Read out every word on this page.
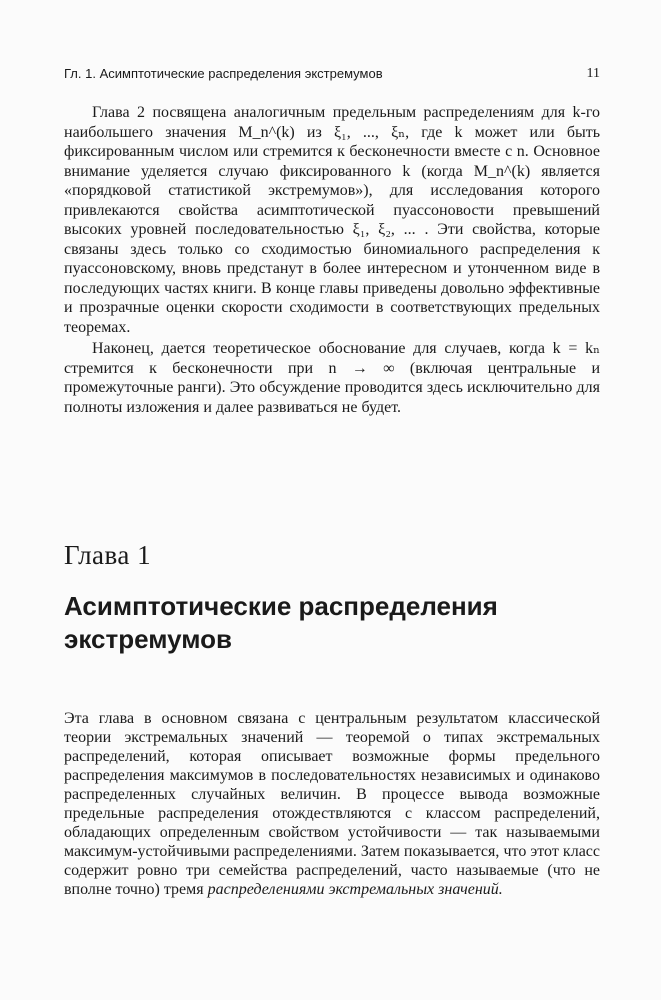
Гл. 1. Асимптотические распределения экстремумов	11

Глава 2 посвящена аналогичным предельным распределениям для k-го наибольшего значения M_n^(k) из ξ₁, ..., ξₙ, где k может или быть фиксированным числом или стремится к бесконечности вместе с n. Основное внимание уделяется случаю фиксированного k (когда M_n^(k) является «порядковой статистикой экстремумов»), для исследования которого привлекаются свойства асимптотической пуассоновости превышений высоких уровней последовательностью ξ₁, ξ₂, ... . Эти свойства, которые связаны здесь только со сходимостью биномиального распределения к пуассоновскому, вновь предстанут в более интересном и утонченном виде в последующих частях книги. В конце главы приведены довольно эффективные и прозрачные оценки скорости сходимости в соответствующих предельных теоремах.

Наконец, дается теоретическое обоснование для случаев, когда k = kₙ стремится к бесконечности при n → ∞ (включая центральные и промежуточные ранги). Это обсуждение проводится здесь исключительно для полноты изложения и далее развиваться не будет.

Глава 1
Асимптотические распределения экстремумов

Эта глава в основном связана с центральным результатом классической теории экстремальных значений — теоремой о типах экстремальных распределений, которая описывает возможные формы предельного распределения максимумов в последовательностях независимых и одинаково распределенных случайных величин. В процессе вывода возможные предельные распределения отождествляются с классом распределений, обладающих определенным свойством устойчивости — так называемыми максимум-устойчивыми распределениями. Затем показывается, что этот класс содержит ровно три семейства распределений, часто называемые (что не вполне точно) тремя распределениями экстремальных значений.
